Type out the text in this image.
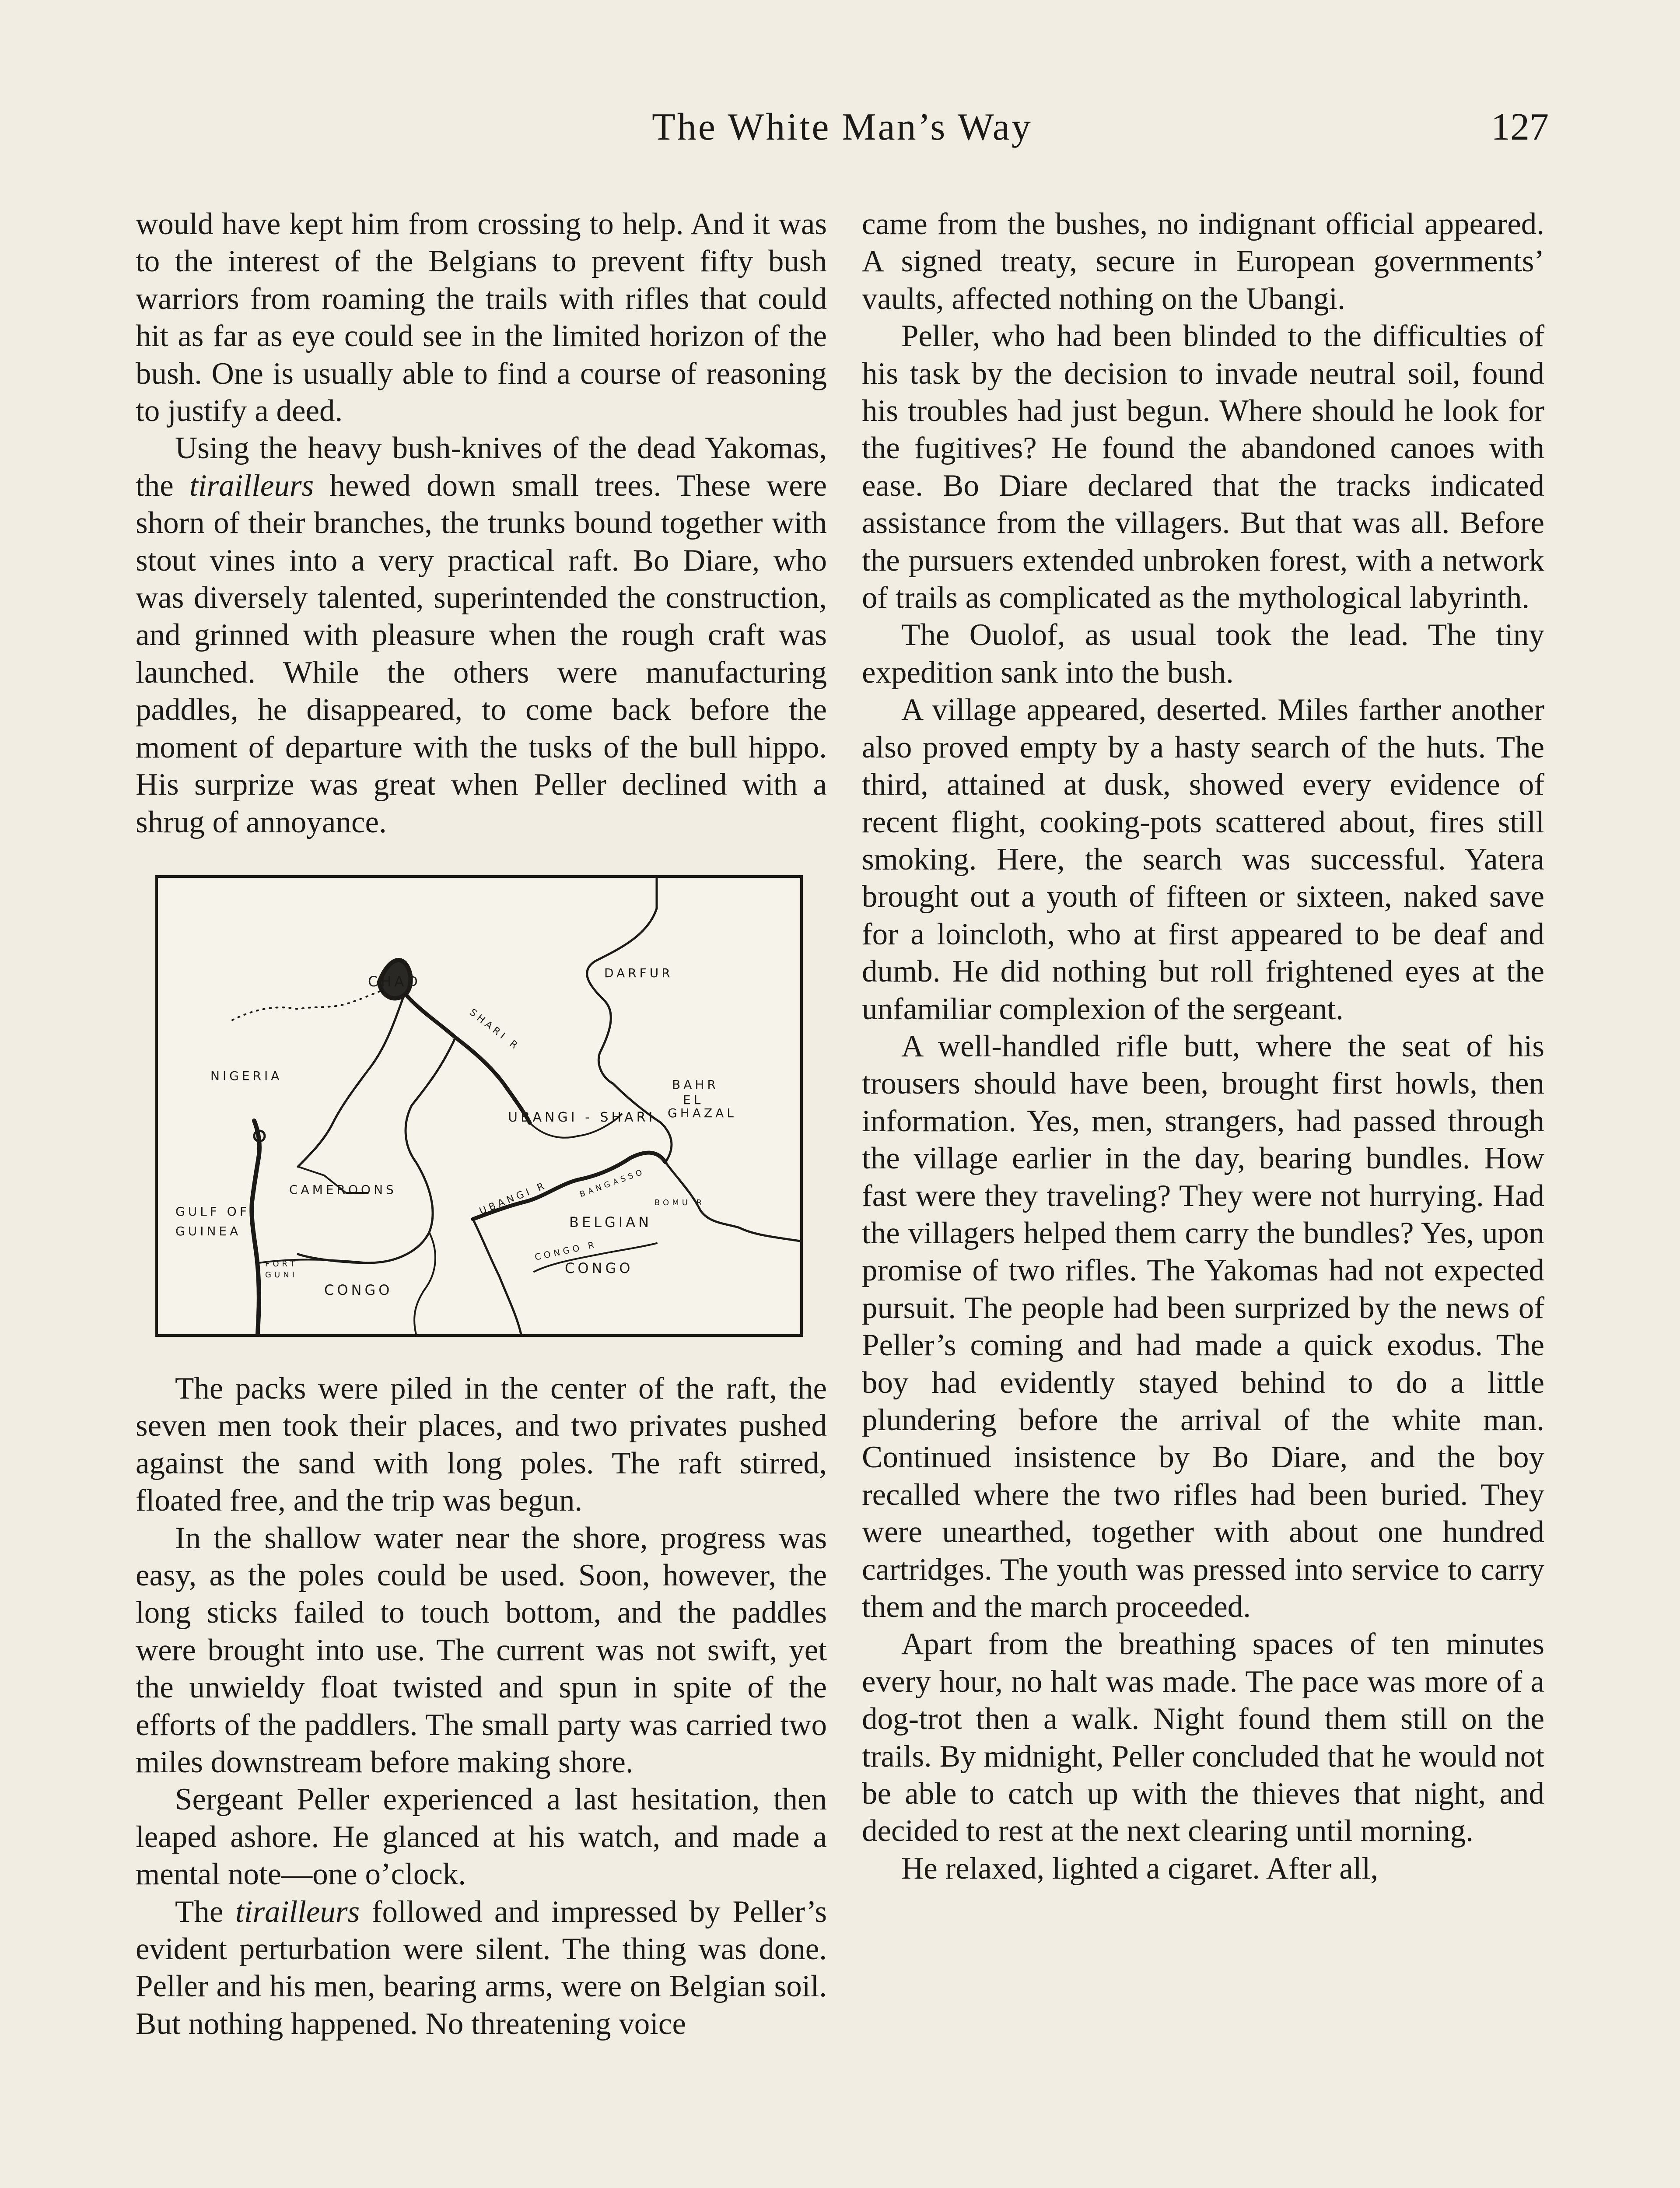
The White Man’s Way	127

would have kept him from crossing to help. And it was to the interest of the Belgians to prevent fifty bush warriors from roaming the trails with rifles that could hit as far as eye could see in the limited horizon of the bush. One is usually able to find a course of reasoning to justify a deed.

Using the heavy bush-knives of the dead Yakomas, the tirailleurs hewed down small trees. These were shorn of their branches, the trunks bound together with stout vines into a very practical raft. Bo Diare, who was diversely talented, superintended the construction, and grinned with pleasure when the rough craft was launched. While the others were manufacturing paddles, he disappeared, to come back before the moment of departure with the tusks of the bull hippo. His surprize was great when Peller declined with a shrug of annoyance.

CHAD
DARFUR
NIGERIA
BAHR
EL
GHAZAL
UBANGI - SHARI
CAMEROONS
GULF OF
GUINEA
BELGIAN
CONGO
CONGO
SHARI R
UBANGI R	BANGASSO
BOMU R
CONGO R
FORT
GUNI

The packs were piled in the center of the raft, the seven men took their places, and two privates pushed against the sand with long poles. The raft stirred, floated free, and the trip was begun.

In the shallow water near the shore, progress was easy, as the poles could be used. Soon, however, the long sticks failed to touch bottom, and the paddles were brought into use. The current was not swift, yet the unwieldy float twisted and spun in spite of the efforts of the paddlers. The small party was carried two miles downstream before making shore.

Sergeant Peller experienced a last hesitation, then leaped ashore. He glanced at his watch, and made a mental note—one o’clock.

The tirailleurs followed and impressed by Peller’s evident perturbation were silent. The thing was done. Peller and his men, bearing arms, were on Belgian soil. But nothing happened. No threatening voice

came from the bushes, no indignant official appeared. A signed treaty, secure in European governments’ vaults, affected nothing on the Ubangi.

Peller, who had been blinded to the difficulties of his task by the decision to invade neutral soil, found his troubles had just begun. Where should he look for the fugitives? He found the abandoned canoes with ease. Bo Diare declared that the tracks indicated assistance from the villagers. But that was all. Before the pursuers extended unbroken forest, with a network of trails as complicated as the mythological labyrinth.

The Ouolof, as usual took the lead. The tiny expedition sank into the bush.

A village appeared, deserted. Miles farther another also proved empty by a hasty search of the huts. The third, attained at dusk, showed every evidence of recent flight, cooking-pots scattered about, fires still smoking. Here, the search was successful. Yatera brought out a youth of fifteen or sixteen, naked save for a loincloth, who at first appeared to be deaf and dumb. He did nothing but roll frightened eyes at the unfamiliar complexion of the sergeant.

A well-handled rifle butt, where the seat of his trousers should have been, brought first howls, then information. Yes, men, strangers, had passed through the village earlier in the day, bearing bundles. How fast were they traveling? They were not hurrying. Had the villagers helped them carry the bundles? Yes, upon promise of two rifles. The Yakomas had not expected pursuit. The people had been surprized by the news of Peller’s coming and had made a quick exodus. The boy had evidently stayed behind to do a little plundering before the arrival of the white man. Continued insistence by Bo Diare, and the boy recalled where the two rifles had been buried. They were unearthed, together with about one hundred cartridges. The youth was pressed into service to carry them and the march proceeded.

Apart from the breathing spaces of ten minutes every hour, no halt was made. The pace was more of a dog-trot then a walk. Night found them still on the trails. By midnight, Peller concluded that he would not be able to catch up with the thieves that night, and decided to rest at the next clearing until morning.

He relaxed, lighted a cigaret. After all,
